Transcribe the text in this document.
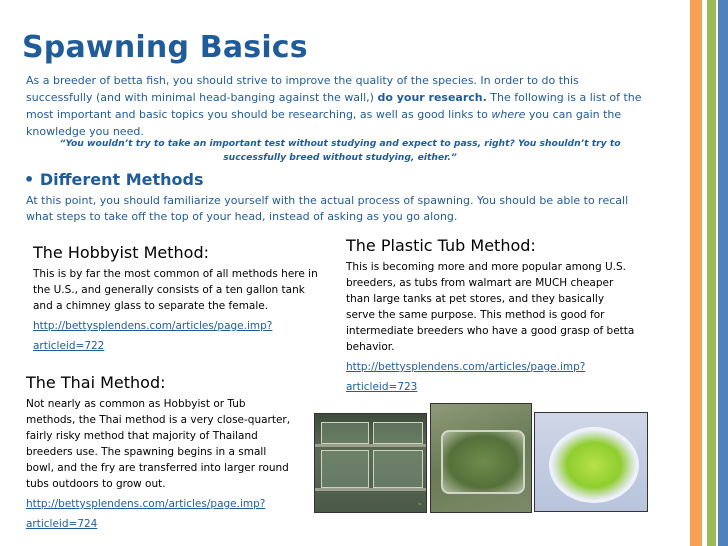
Spawning Basics
As a breeder of betta fish, you should strive to improve the quality of the species. In order to do this successfully (and with minimal head-banging against the wall,) do your research. The following is a list of the most important and basic topics you should be researching, as well as good links to where you can gain the knowledge you need.
“You wouldn’t try to take an important test without studying and expect to pass, right? You shouldn’t try to successfully breed without studying, either.”
• Different Methods
At this point, you should familiarize yourself with the actual process of spawning. You should be able to recall what steps to take off the top of your head, instead of asking as you go along.
The Hobbyist Method:
This is by far the most common of all methods here in the U.S., and generally consists of a ten gallon tank and a chimney glass to separate the female.
http://bettysplendens.com/articles/page.imp?articleid=722
The Plastic Tub Method:
This is becoming more and more popular among U.S. breeders, as tubs from walmart are MUCH cheaper than large tanks at pet stores, and they basically serve the same purpose. This method is good for intermediate breeders who have a good grasp of betta behavior.
http://bettysplendens.com/articles/page.imp?articleid=723
The Thai Method:
Not nearly as common as Hobbyist or Tub methods, the Thai method is a very close-quarter, fairly risky method that majority of Thailand breeders use. The spawning begins in a small bowl, and the fry are transferred into larger round tubs outdoors to grow out.
http://bettysplendens.com/articles/page.imp?articleid=724
~
